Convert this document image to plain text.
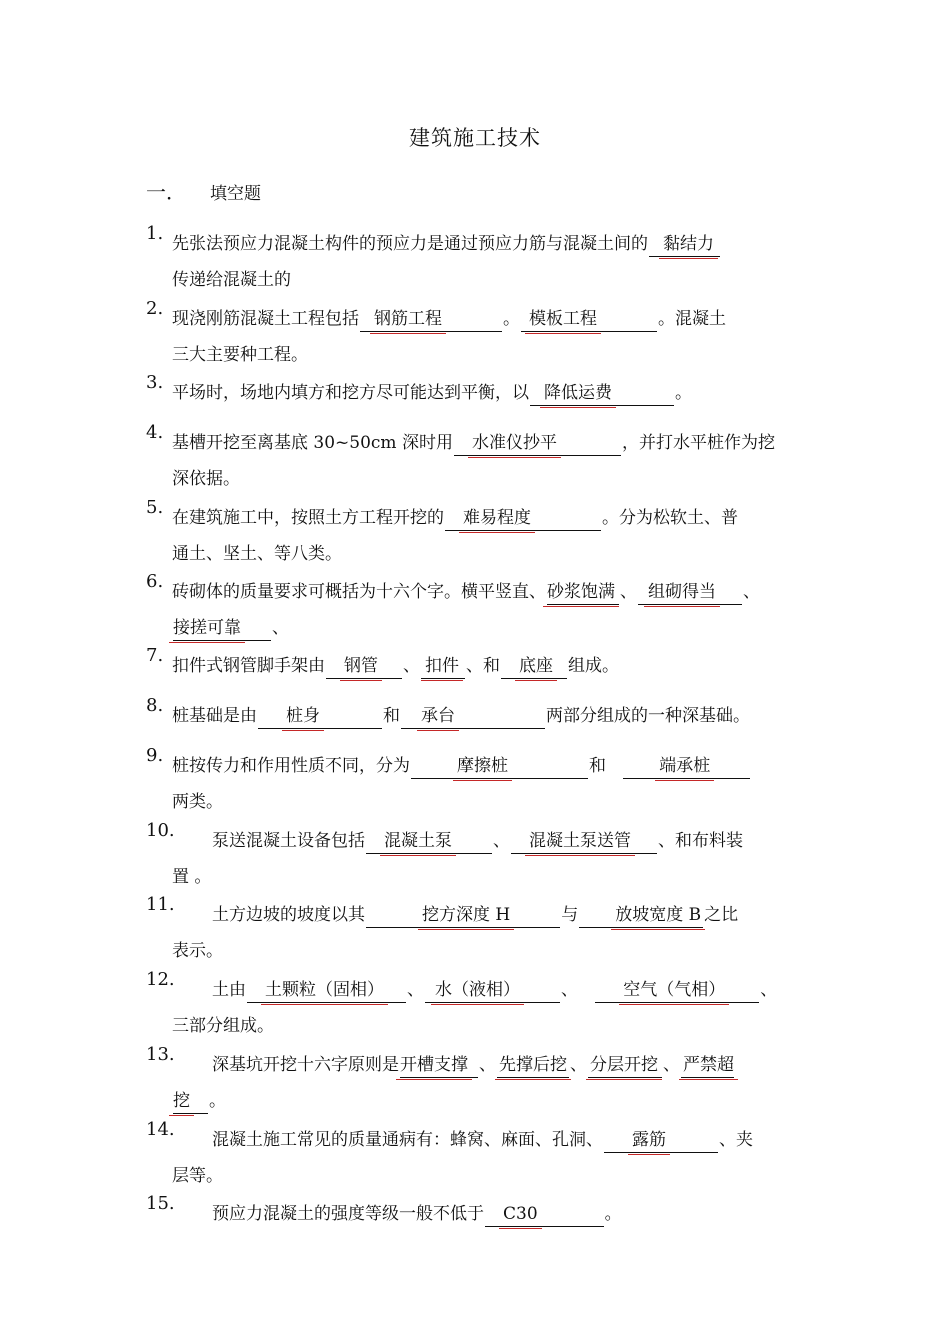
建筑施工技术
一． 填空题
1. 先张法预应力混凝土构件的预应力是通过预应力筋与混凝土间的 黏结力
传递给混凝土的
2. 现浇刚筋混凝土工程包括 钢筋工程	。 模板工程	。混凝土
三大主要种工程。
3. 平场时，场地内填方和挖方尽可能达到平衡，以 降低运费	。
4. 基槽开挖至离基底 30~50cm 深时用 水准仪抄平	，并打水平桩作为挖
深依据。
5. 在建筑施工中，按照土方工程开挖的 难易程度	。分为松软土、普
通土、坚土、等八类。
6. 砖砌体的质量要求可概括为十六个字。横平竖直、砂浆饱满 、 组砌得当 、
接搓可靠 、
7. 扣件式钢管脚手架由 钢管 、 扣件 、和 底座 组成。
8. 桩基础是由 桩身	和 承台	两部分组成的一种深基础。
9. 桩按传力和作用性质不同，分为	摩擦桩	和	端承桩
两类。
10. 泵送混凝土设备包括 混凝土泵 、 混凝土泵送管 、和布料装
置 。
11. 土方边坡的坡度以其	挖方深度 H	与 放坡宽度 B 之比
表示。
12. 土由 土颗粒（固相） 、 水（液相） 、	空气（气相） 、
三部分组成。
13. 深基坑开挖十六字原则是开槽支撑 、 先撑后挖 、 分层开挖 、 严禁超
挖 。
14. 混凝土施工常见的质量通病有：蜂窝、麻面、孔洞、 露筋	、夹
层等。
15. 预应力混凝土的强度等级一般不低于 C30	。
